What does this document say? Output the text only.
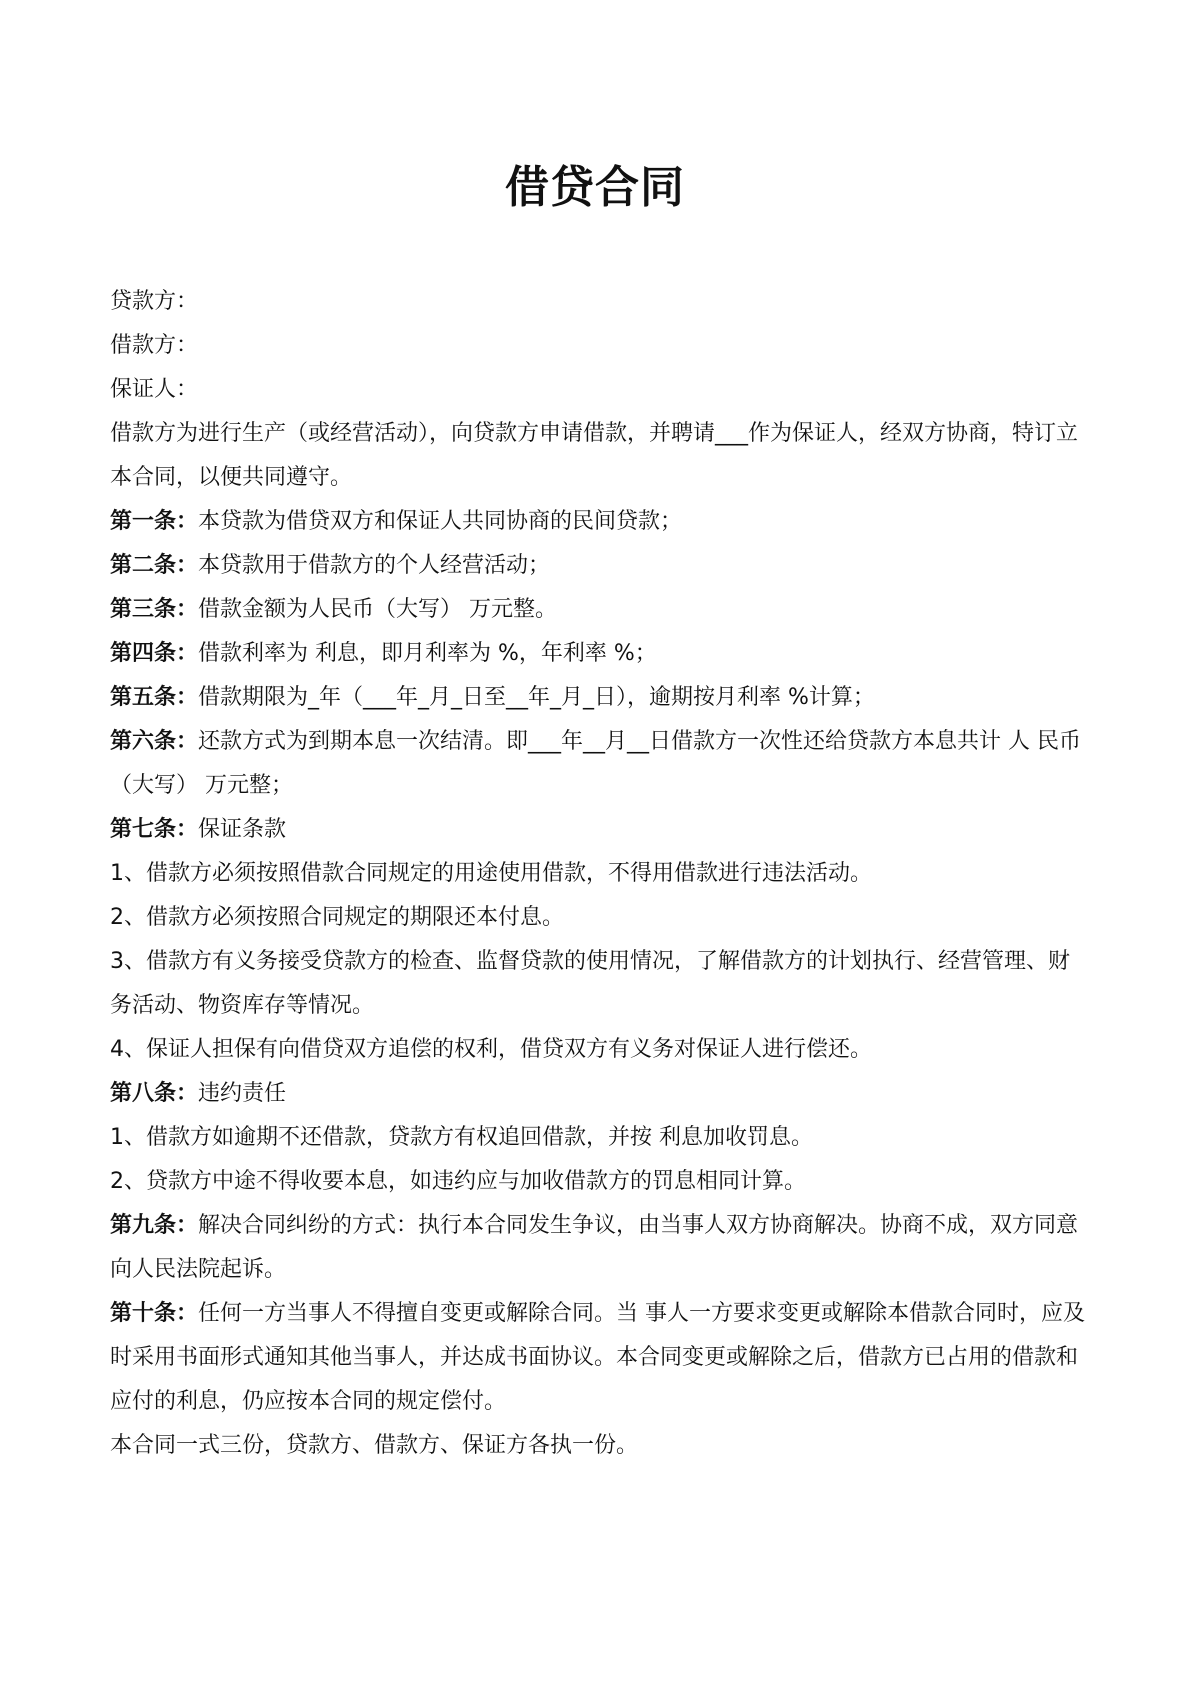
借贷合同

贷款方：

借款方：

保证人：

借款方为进行生产（或经营活动），向贷款方申请借款，并聘请___作为保证人，经双方协商，特订立本合同，以便共同遵守。

第一条：本贷款为借贷双方和保证人共同协商的民间贷款；

第二条：本贷款用于借款方的个人经营活动；

第三条：借款金额为人民币（大写） 万元整。

第四条：借款利率为 利息，即月利率为 %，年利率 %；

第五条：借款期限为_年（___年_月_日至__年_月_日），逾期按月利率 %计算；

第六条：还款方式为到期本息一次结清。即___年__月__日借款方一次性还给贷款方本息共计 人 民币（大写） 万元整；

第七条：保证条款

1、借款方必须按照借款合同规定的用途使用借款，不得用借款进行违法活动。

2、借款方必须按照合同规定的期限还本付息。

3、借款方有义务接受贷款方的检查、监督贷款的使用情况，了解借款方的计划执行、经营管理、财务活动、物资库存等情况。

4、保证人担保有向借贷双方追偿的权利，借贷双方有义务对保证人进行偿还。

第八条：违约责任

1、借款方如逾期不还借款，贷款方有权追回借款，并按 利息加收罚息。

2、贷款方中途不得收要本息，如违约应与加收借款方的罚息相同计算。

第九条：解决合同纠纷的方式：执行本合同发生争议，由当事人双方协商解决。协商不成，双方同意向人民法院起诉。

第十条：任何一方当事人不得擅自变更或解除合同。当 事人一方要求变更或解除本借款合同时，应及时采用书面形式通知其他当事人，并达成书面协议。本合同变更或解除之后，借款方已占用的借款和应付的利息，仍应按本合同的规定偿付。

本合同一式三份，贷款方、借款方、保证方各执一份。
